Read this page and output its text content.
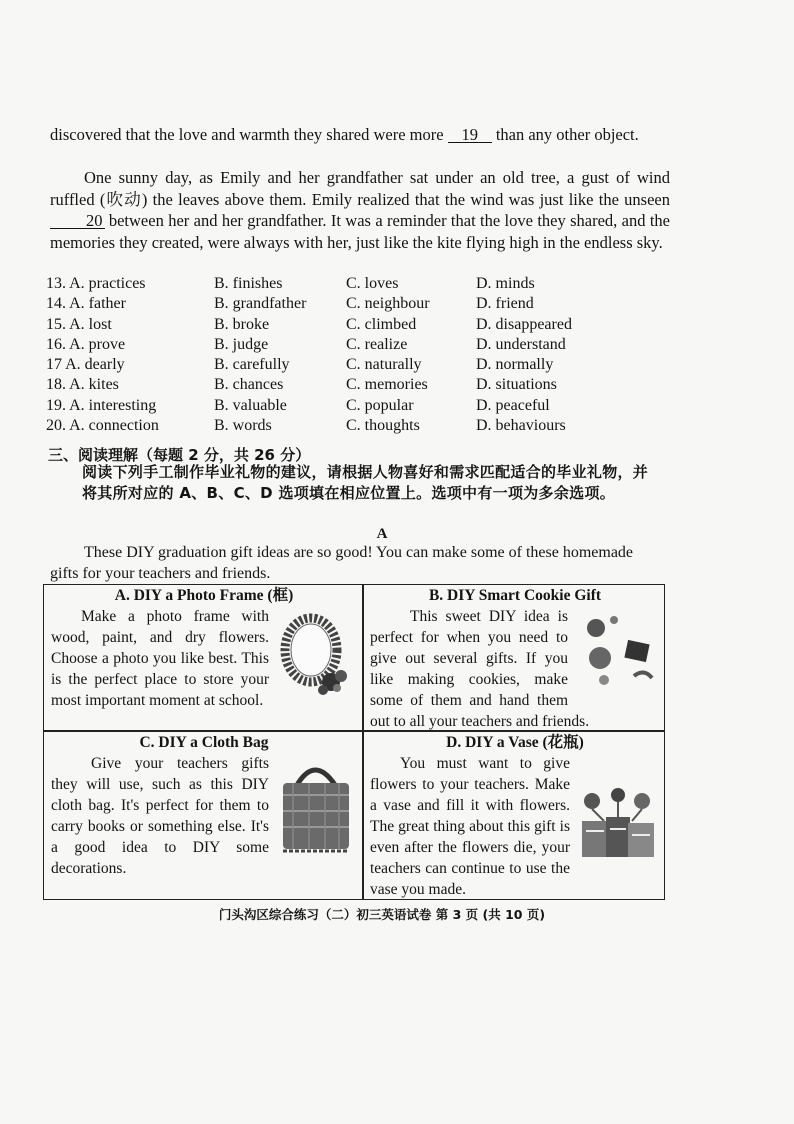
discovered that the love and warmth they shared were more 19 than any other object.
One sunny day, as Emily and her grandfather sat under an old tree, a gust of wind ruffled (吹动) the leaves above them. Emily realized that the wind was just like the unseen 20 between her and her grandfather. It was a reminder that the love they shared, and the memories they created, were always with her, just like the kite flying high in the endless sky.
13. A. practices	B. finishes	C. loves	D. minds
14. A. father	B. grandfather	C. neighbour	D. friend
15. A. lost	B. broke	C. climbed	D. disappeared
16. A. prove	B. judge	C. realize	D. understand
17 A. dearly	B. carefully	C. naturally	D. normally
18. A. kites	B. chances	C. memories	D. situations
19. A. interesting	B. valuable	C. popular	D. peaceful
20. A. connection	B. words	C. thoughts	D. behaviours
三、阅读理解（每题 2 分，共 26 分）
阅读下列手工制作毕业礼物的建议，请根据人物喜好和需求匹配适合的毕业礼物，并将其所对应的 A、B、C、D 选项填在相应位置上。选项中有一项为多余选项。
A
These DIY graduation gift ideas are so good! You can make some of these homemade gifts for your teachers and friends.
A. DIY a Photo Frame (框)
Make a photo frame with wood, paint, and dry flowers. Choose a photo you like best. This is the perfect place to store your most important moment at school.
B. DIY Smart Cookie Gift
This sweet DIY idea is perfect for when you need to give out several gifts. If you like making cookies, make some of them and hand them out to all your teachers and friends.
C. DIY a Cloth Bag
Give your teachers gifts they will use, such as this DIY cloth bag. It's perfect for them to carry books or something else. It's a good idea to DIY some decorations.
D. DIY a Vase (花瓶)
You must want to give flowers to your teachers. Make a vase and fill it with flowers. The great thing about this gift is even after the flowers die, your teachers can continue to use the vase you made.
门头沟区综合练习（二）初三英语试卷 第 3 页 (共 10 页)
